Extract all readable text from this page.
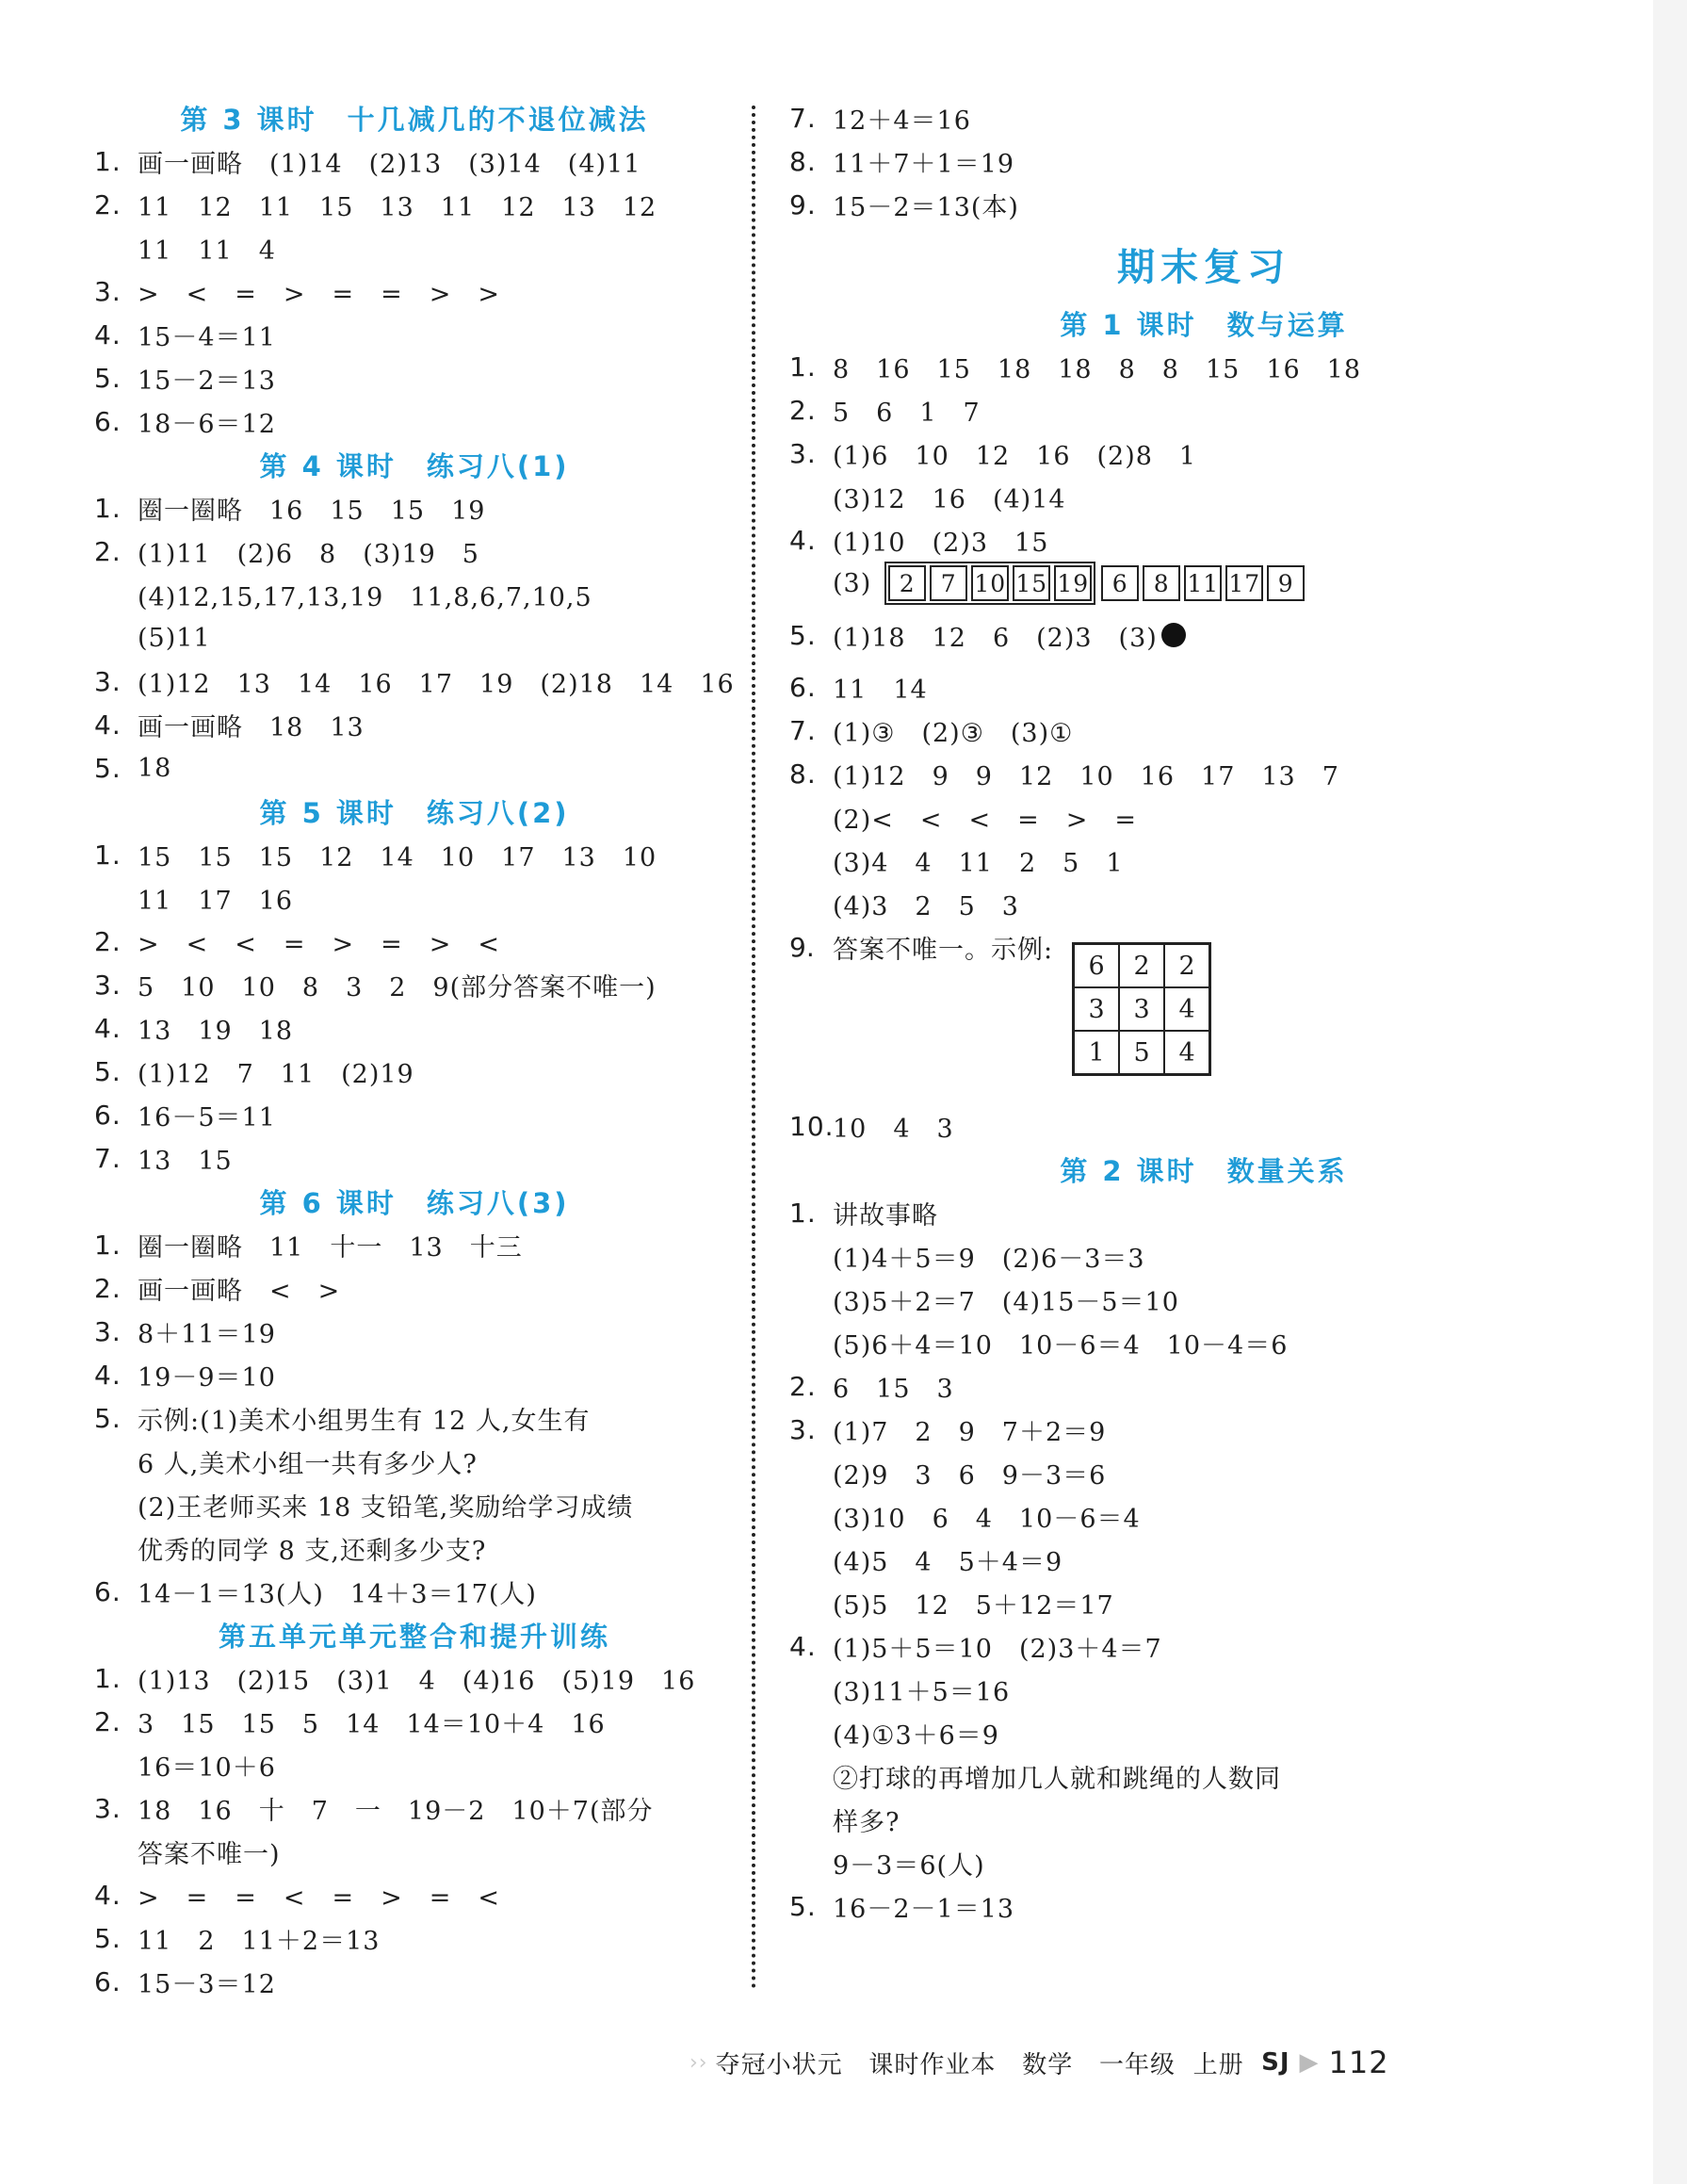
第 3 课时　十几减几的不退位减法
1. 画一画略　(1)14　(2)13　(3)14　(4)11
2. 11　12　11　15　13　11　12　13　12
11　11　4
3. >　<　=　>　=　=　>　>
4. 15－4＝11
5. 15－2＝13
6. 18－6＝12
第 4 课时　练习八(1)
1. 圈一圈略　16　15　15　19
2. (1)11　(2)6　8　(3)19　5
(4)12,15,17,13,19　11,8,6,7,10,5
(5)11
3. (1)12　13　14　16　17　19　(2)18　14　16
4. 画一画略　18　13
5. 18
第 5 课时　练习八(2)
1. 15　15　15　12　14　10　17　13　10
11　17　16
2. >　<　<　=　>　=　>　<
3. 5　10　10　8　3　2　9(部分答案不唯一)
4. 13　19　18
5. (1)12　7　11　(2)19
6. 16－5＝11
7. 13　15
第 6 课时　练习八(3)
1. 圈一圈略　11　十一　13　十三
2. 画一画略　<　>
3. 8＋11＝19
4. 19－9＝10
5. 示例:(1)美术小组男生有 12 人,女生有
6 人,美术小组一共有多少人?
(2)王老师买来 18 支铅笔,奖励给学习成绩
优秀的同学 8 支,还剩多少支?
6. 14－1＝13(人)　14＋3＝17(人)
第五单元单元整合和提升训练
1. (1)13　(2)15　(3)1　4　(4)16　(5)19　16
2. 3　15　15　5　14　14＝10＋4　16
16＝10＋6
3. 18　16　十　7　一　19－2　10＋7(部分
答案不唯一)
4. >　=　=　<　=　>　=　<
5. 11　2　11＋2＝13
6. 15－3＝12
7. 12＋4＝16
8. 11＋7＋1＝19
9. 15－2＝13(本)
期末复习
第 1 课时　数与运算
1. 8　16　15　18　18　8　8　15　16　18
2. 5　6　1　7
3. (1)6　10　12　16　(2)8　1
(3)12　16　(4)14
4. (1)10　(2)3　15
(3)	2	7 10 15 19 6	8 11 17 9
5. (1)18　12　6　(2)3　(3)
6. 11　14
7. (1)③　(2)③　(3)①
8. (1)12　9　9　12　10　16　17　13　7
(2)<　<　<　=　>　=
(3)4　4　11　2　5　1
(4)3　2　5　3
9. 答案不唯一。示例:
6	2	2
3	3	4
1	5	4
10.
10　4　3
第 2 课时　数量关系
1. 讲故事略
(1)4＋5＝9　(2)6－3＝3
(3)5＋2＝7　(4)15－5＝10
(5)6＋4＝10　10－6＝4　10－4＝6
2. 6　15　3
3. (1)7　2　9　7＋2＝9
(2)9　3　6　9－3＝6
(3)10　6　4　10－6＝4
(4)5　4　5＋4＝9
(5)5　12　5＋12＝17
4. (1)5＋5＝10　(2)3＋4＝7
(3)11＋5＝16
(4)①3＋6＝9
②打球的再增加几人就和跳绳的人数同
样多?
9－3＝6(人)
5. 16－2－1＝13
›› 夺冠小状元
课时作业本
数学
一年级
上册
SJ ▶ 112
